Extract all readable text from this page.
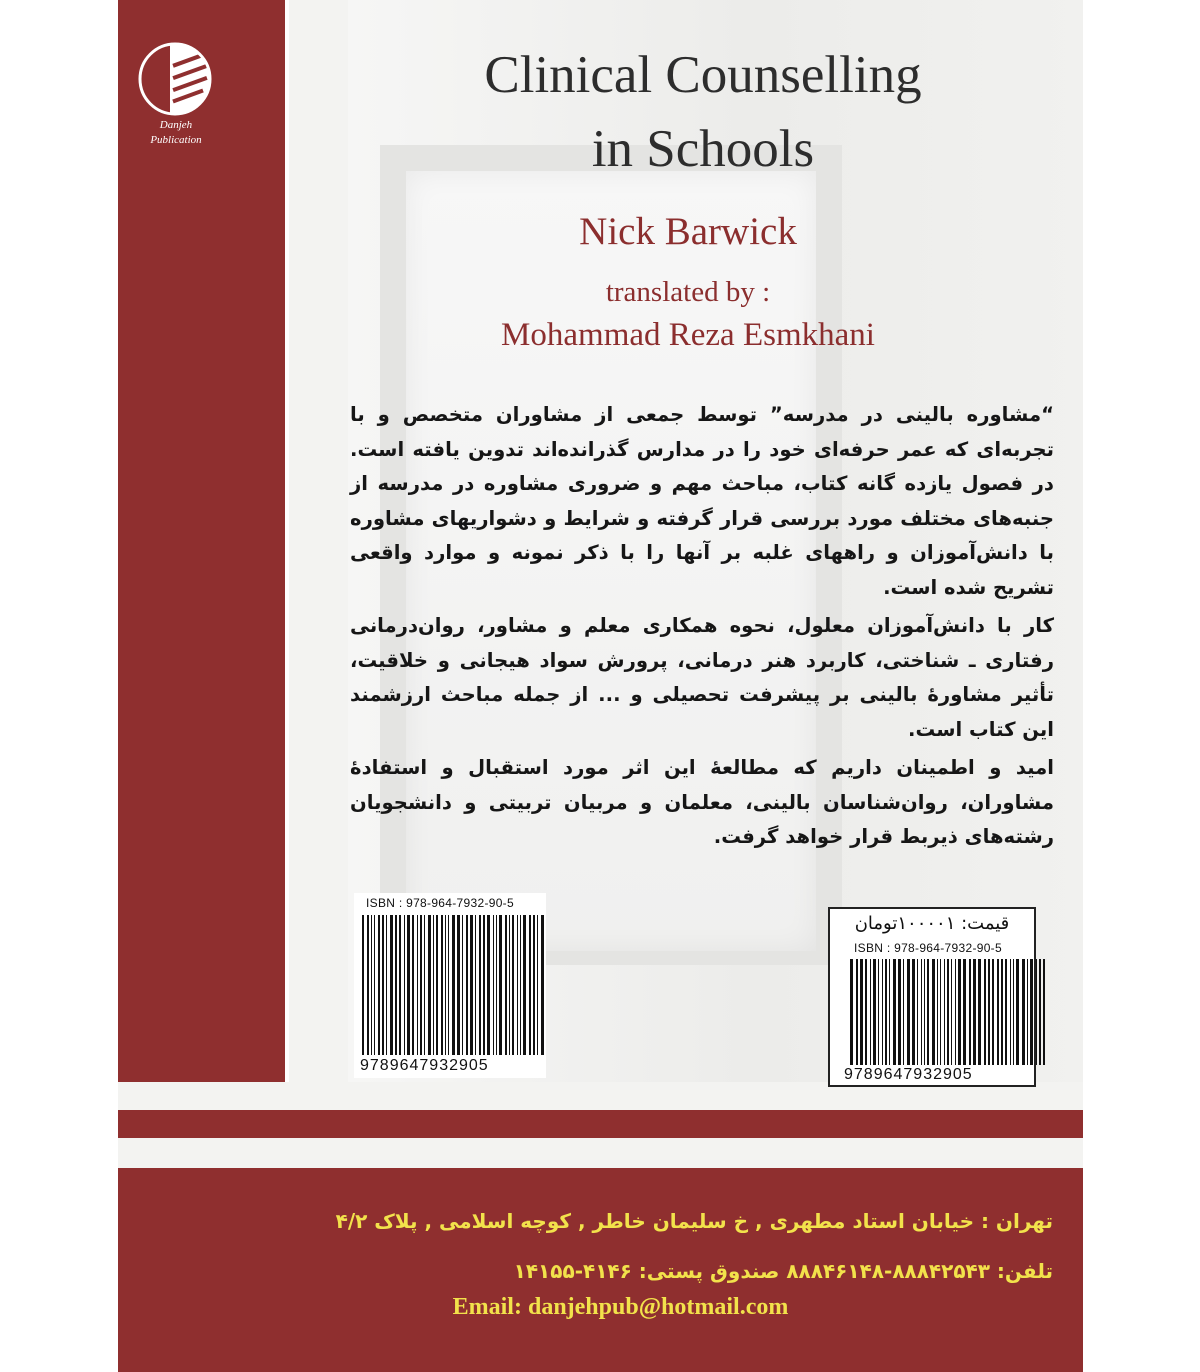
Danjeh
Publication
Clinical Counselling
in Schools
Nick Barwick
translated by :
Mohammad Reza Esmkhani

“مشاوره بالینی در مدرسه” توسط جمعی از مشاوران متخصص و با تجربه‌ای که عمر حرفه‌ای خود را در مدارس گذرانده‌اند تدوین یافته است. در فصول یازده گانه کتاب، مباحث مهم و ضروری مشاوره در مدرسه از جنبه‌های مختلف مورد بررسی قرار گرفته و شرایط و دشواریهای مشاوره با دانش‌آموزان و راههای غلبه بر آنها را با ذکر نمونه و موارد واقعی تشریح شده است.

کار با دانش‌آموزان معلول، نحوه همکاری معلم و مشاور، روان‌درمانی رفتاری ـ شناختی، کاربرد هنر درمانی، پرورش سواد هیجانی و خلاقیت، تأثیر مشاورهٔ بالینی بر پیشرفت تحصیلی و ... از جمله مباحث ارزشمند این کتاب است.

امید و اطمینان داریم که مطالعهٔ این اثر مورد استقبال و استفادهٔ مشاوران، روان‌شناسان بالینی، معلمان و مربیان تربیتی و دانشجویان رشته‌های ذیربط قرار خواهد گرفت.

ISBN : 978-964-7932-90-5
9789647932905
قیمت: ۱۰۰۰۰۱تومان
ISBN : 978-964-7932-90-5
9789647932905
تهران : خیابان استاد مطهری , خ سلیمان خاطر , کوچه اسلامی , پلاک ۴/۲
تلفن: ۸۸۸۴۲۵۴۳-۸۸۸۴۶۱۴۸ صندوق پستی: ۴۱۴۶-۱۴۱۵۵
Email: danjehpub@hotmail.com
